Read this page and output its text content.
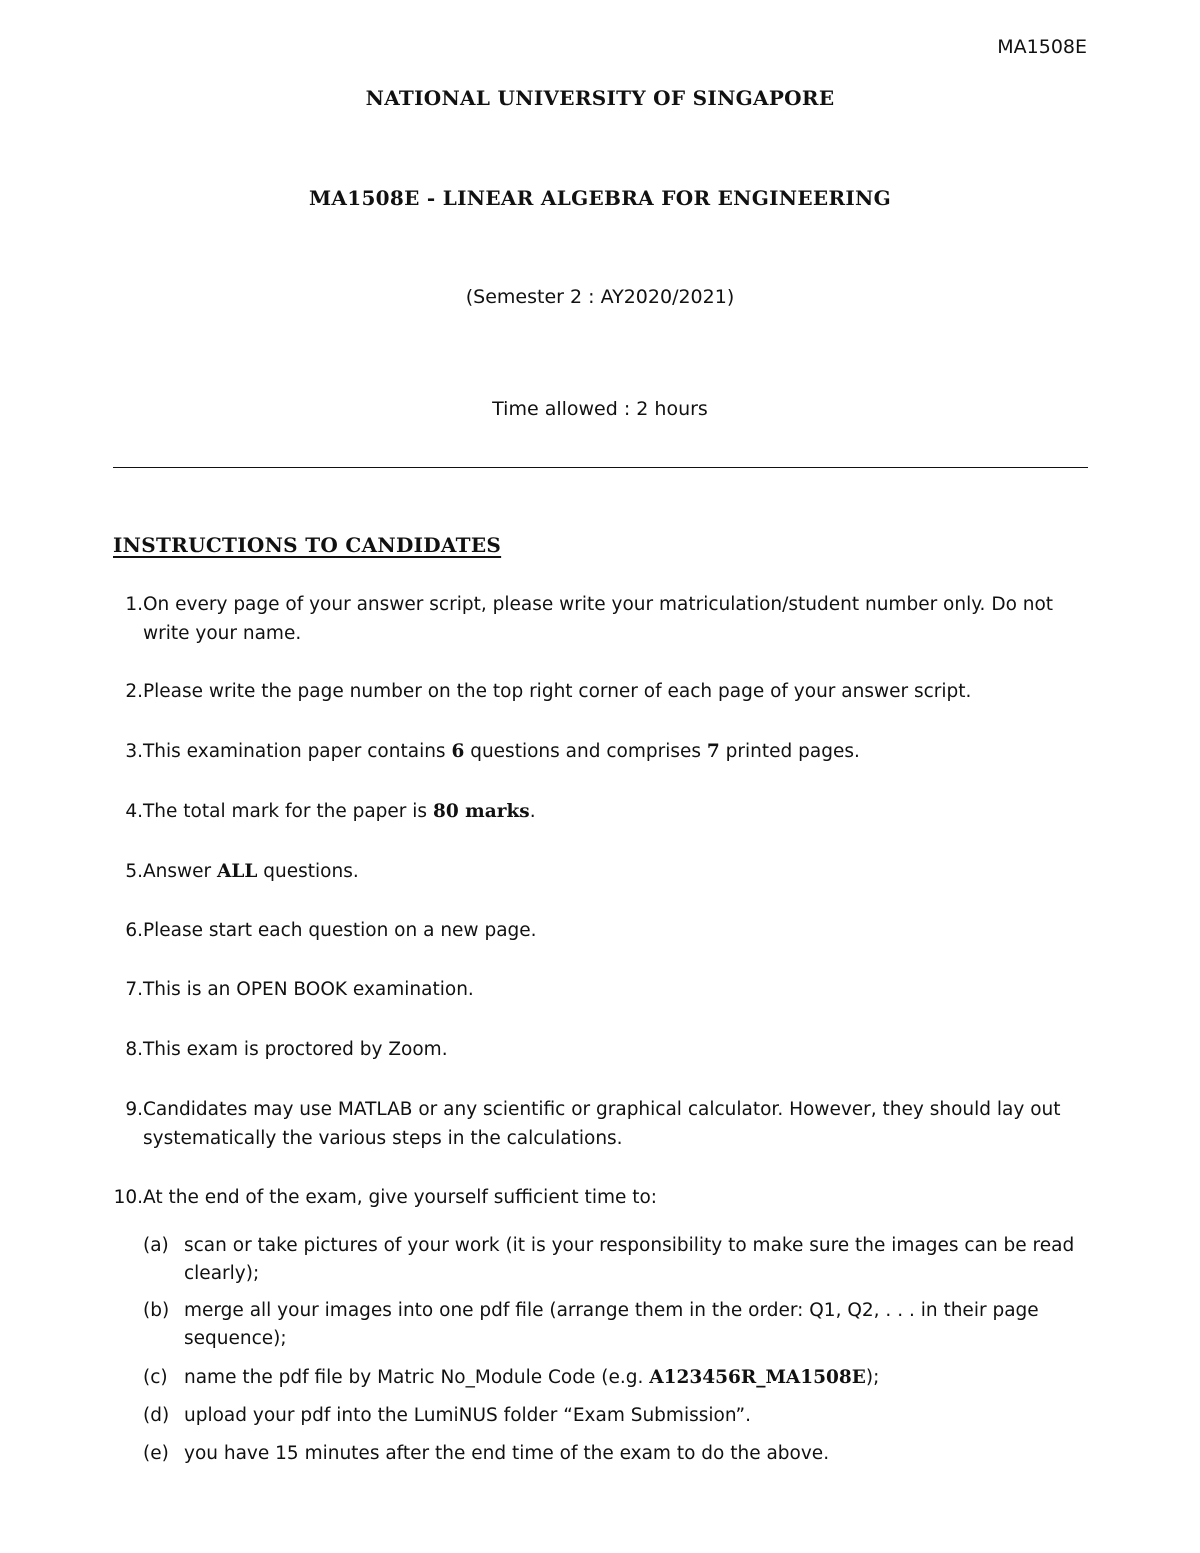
MA1508E
NATIONAL UNIVERSITY OF SINGAPORE
MA1508E - LINEAR ALGEBRA FOR ENGINEERING
(Semester 2 : AY2020/2021)
Time allowed : 2 hours
INSTRUCTIONS TO CANDIDATES
1. On every page of your answer script, please write your matriculation/student number only. Do not write your name.
2. Please write the page number on the top right corner of each page of your answer script.
3. This examination paper contains 6 questions and comprises 7 printed pages.
4. The total mark for the paper is 80 marks.
5. Answer ALL questions.
6. Please start each question on a new page.
7. This is an OPEN BOOK examination.
8. This exam is proctored by Zoom.
9. Candidates may use MATLAB or any scientific or graphical calculator. However, they should lay out systematically the various steps in the calculations.
10. At the end of the exam, give yourself sufficient time to:
(a) scan or take pictures of your work (it is your responsibility to make sure the images can be read clearly);
(b) merge all your images into one pdf file (arrange them in the order: Q1, Q2, . . . in their page sequence);
(c) name the pdf file by Matric No_Module Code (e.g. A123456R_MA1508E);
(d) upload your pdf into the LumiNUS folder “Exam Submission”.
(e) you have 15 minutes after the end time of the exam to do the above.
